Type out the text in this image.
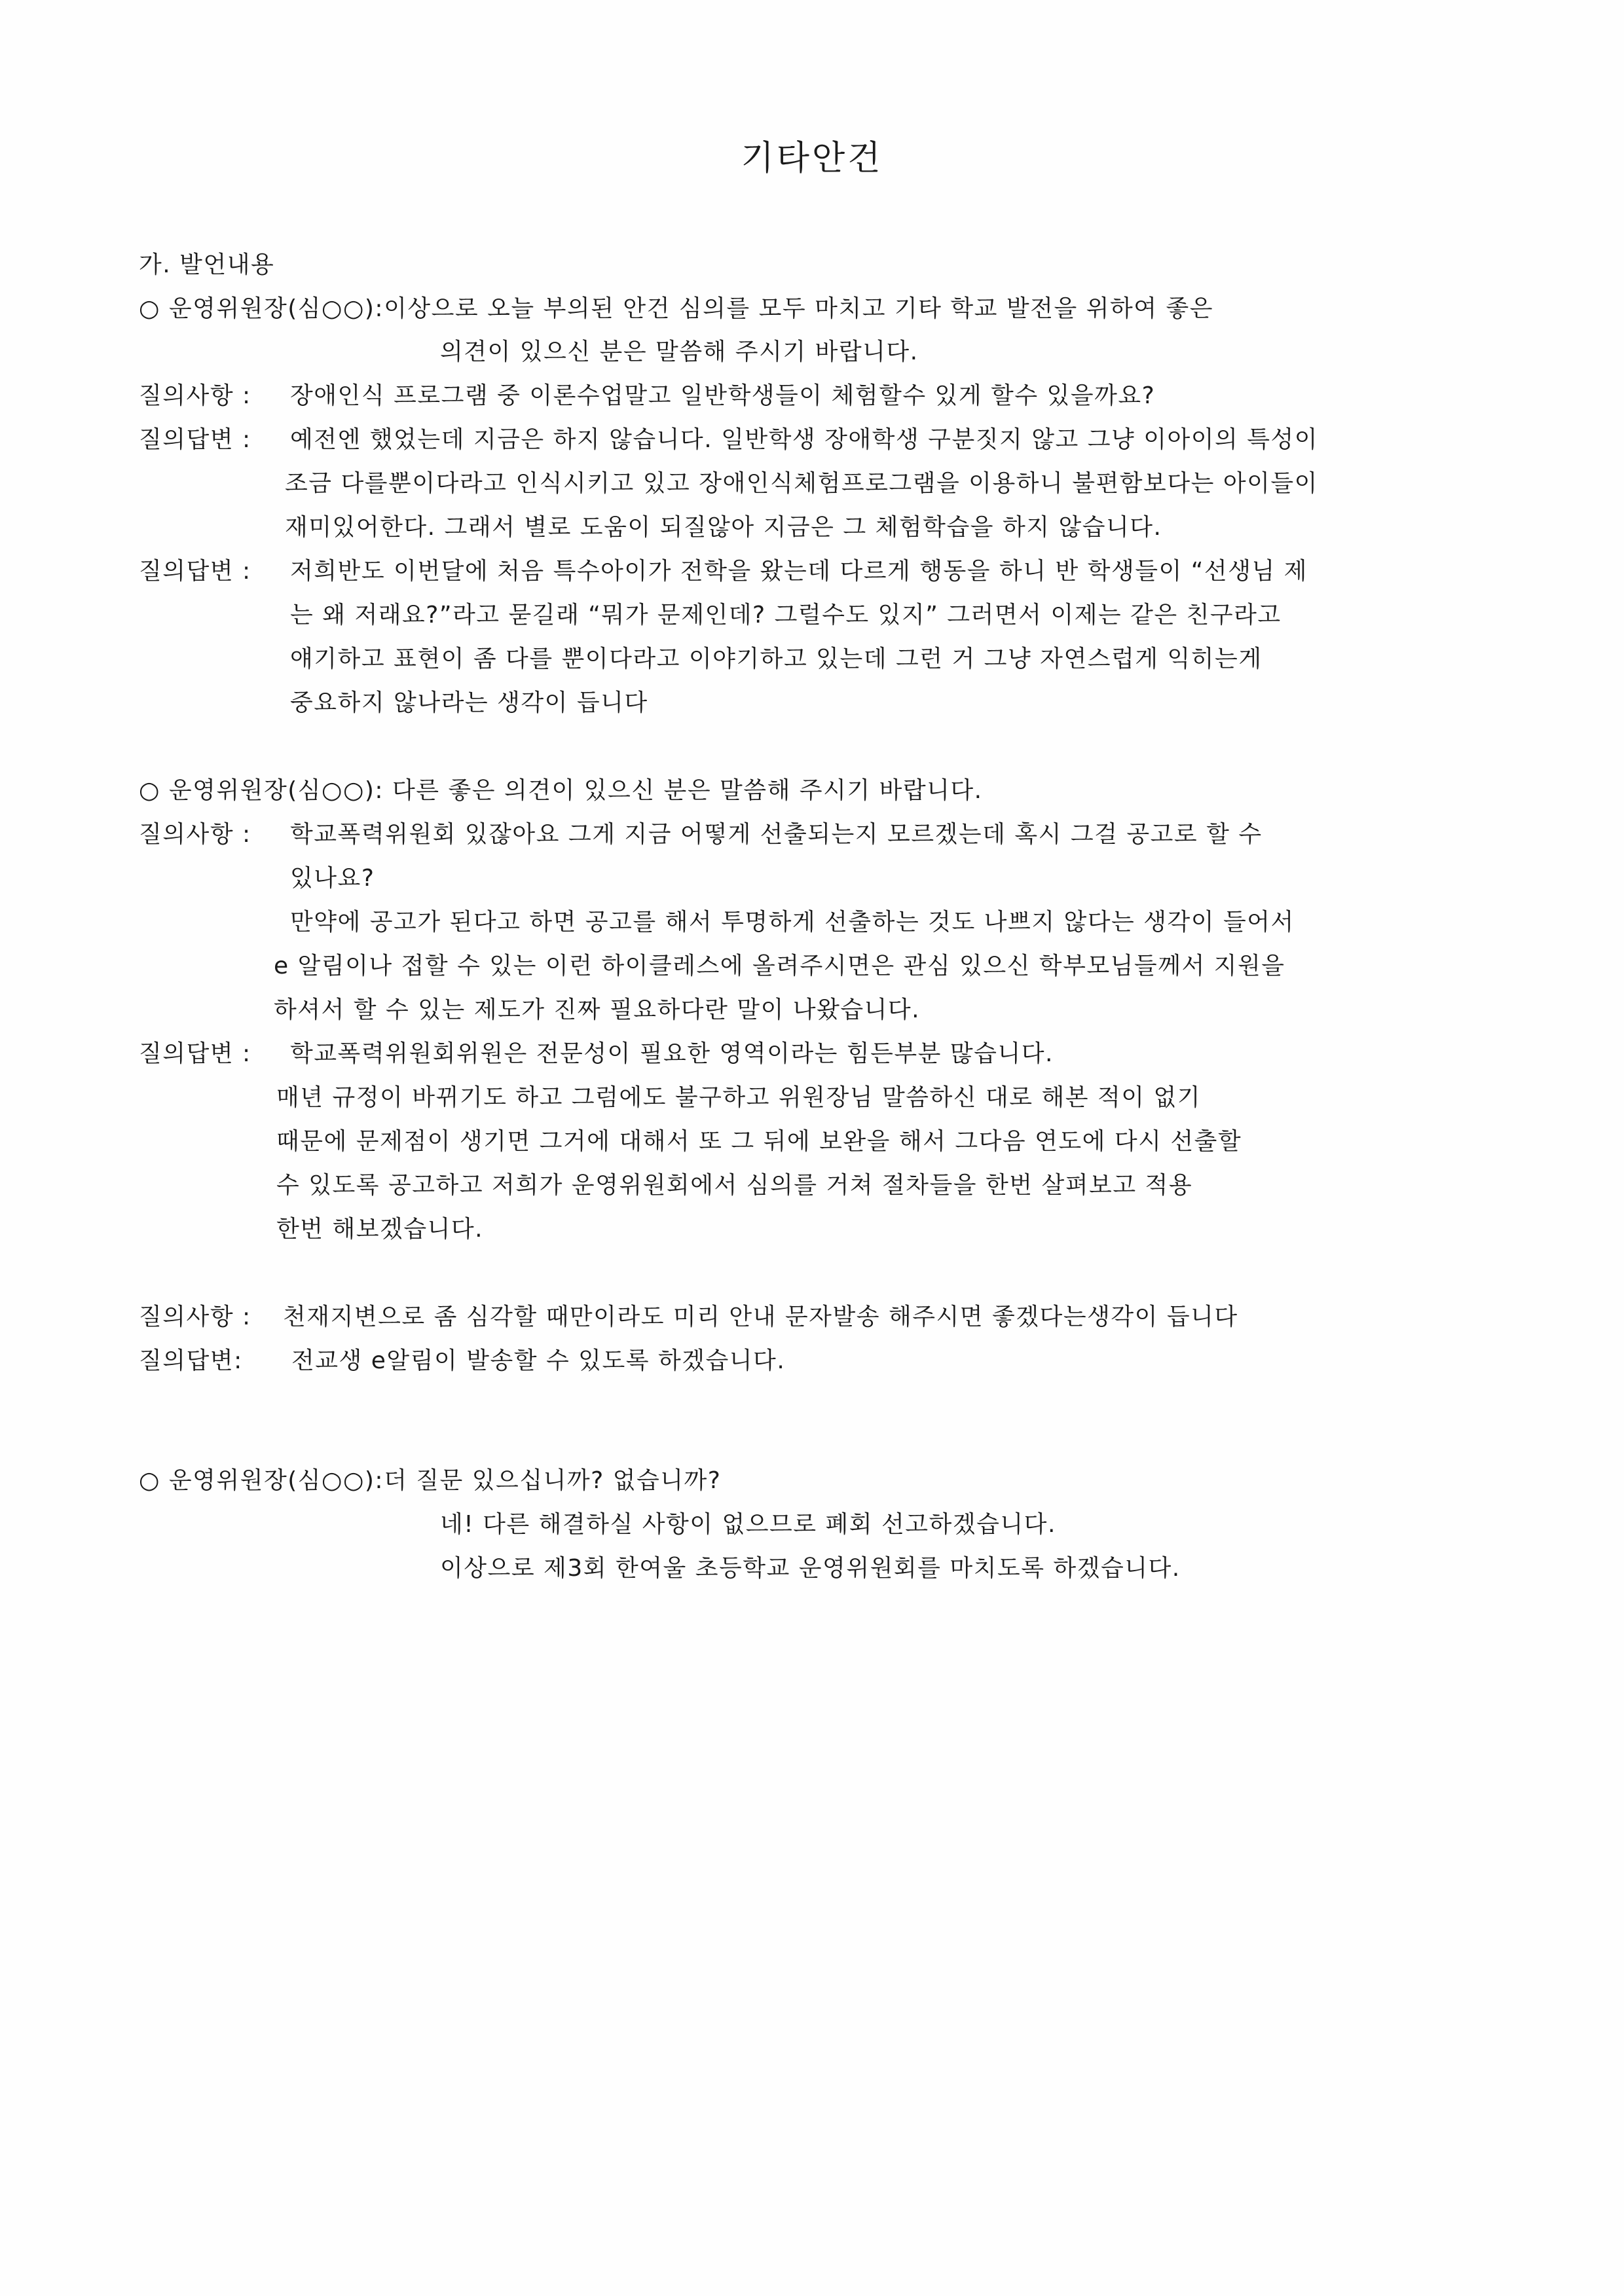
기타안건
가. 발언내용
○ 운영위원장(심○○):이상으로 오늘 부의된 안건 심의를 모두 마치고 기타 학교 발전을 위하여 좋은
의견이 있으신 분은 말씀해 주시기 바랍니다.
질의사항 : 장애인식 프로그램 중 이론수업말고 일반학생들이 체험할수 있게 할수 있을까요?
질의답변 : 예전엔 했었는데 지금은 하지 않습니다. 일반학생 장애학생 구분짓지 않고 그냥 이아이의 특성이
조금 다를뿐이다라고 인식시키고 있고 장애인식체험프로그램을 이용하니 불편함보다는 아이들이
재미있어한다. 그래서 별로 도움이 되질않아 지금은 그 체험학습을 하지 않습니다.
질의답변 : 저희반도 이번달에 처음 특수아이가 전학을 왔는데 다르게 행동을 하니 반 학생들이 “선생님 제
는 왜 저래요?”라고 묻길래 “뭐가 문제인데? 그럴수도 있지” 그러면서 이제는 같은 친구라고
얘기하고 표현이 좀 다를 뿐이다라고 이야기하고 있는데 그런 거 그냥 자연스럽게 익히는게
중요하지 않나라는 생각이 듭니다
○ 운영위원장(심○○): 다른 좋은 의견이 있으신 분은 말씀해 주시기 바랍니다.
질의사항 : 학교폭력위원회 있잖아요 그게 지금 어떻게 선출되는지 모르겠는데 혹시 그걸 공고로 할 수
있나요?
만약에 공고가 된다고 하면 공고를 해서 투명하게 선출하는 것도 나쁘지 않다는 생각이 들어서
e 알림이나 접할 수 있는 이런 하이클레스에 올려주시면은 관심 있으신 학부모님들께서 지원을
하셔서 할 수 있는 제도가 진짜 필요하다란 말이 나왔습니다.
질의답변 : 학교폭력위원회위원은 전문성이 필요한 영역이라는 힘든부분 많습니다.
매년 규정이 바뀌기도 하고 그럼에도 불구하고 위원장님 말씀하신 대로 해본 적이 없기
때문에 문제점이 생기면 그거에 대해서 또 그 뒤에 보완을 해서 그다음 연도에 다시 선출할
수 있도록 공고하고 저희가 운영위원회에서 심의를 거쳐 절차들을 한번 살펴보고 적용
한번 해보겠습니다.
질의사항 : 천재지변으로 좀 심각할 때만이라도 미리 안내 문자발송 해주시면 좋겠다는생각이 듭니다
질의답변: 전교생 e알림이 발송할 수 있도록 하겠습니다.
○ 운영위원장(심○○):더 질문 있으십니까? 없습니까?
네! 다른 해결하실 사항이 없으므로 폐회 선고하겠습니다.
이상으로 제3회 한여울 초등학교 운영위원회를 마치도록 하겠습니다.
